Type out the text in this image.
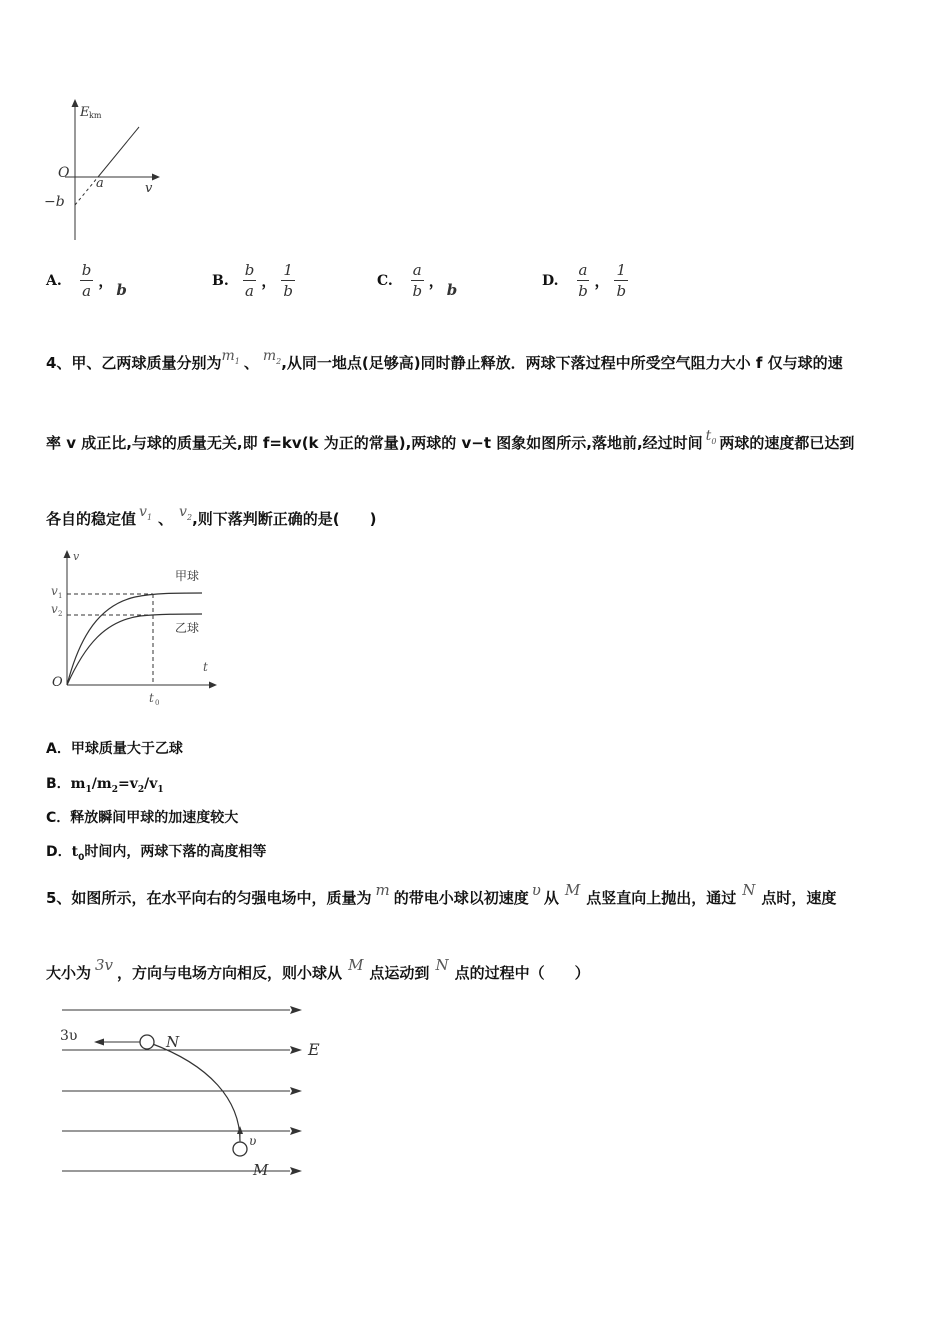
E km
O
a	v
−b
A. $\frac{b}{a}$ ， b	B. $\frac{b}{a}$ ， $\frac{1}{b}$	C. $\frac{a}{b}$ ， b	D. $\frac{a}{b}$ ， $\frac{1}{b}$
4、甲、乙两球质量分别为$m_1$ 、 $m_2$,从同一地点(足够高)同时静止释放．两球下落过程中所受空气阻力大小 f 仅与球的速
率 v 成正比,与球的质量无关,即 f=kv(k 为正的常量),两球的 v−t 图象如图所示,落地前,经过时间 $t_0$ 两球的速度都已达到
各自的稳定值 $v_1$ 、 $v_2$,则下落判断正确的是(　　)
v
v 1
v 2
甲球
乙球
t
O
t 0
A．甲球质量大于乙球
B．$m_1/m_2=v_2/v_1$
C．释放瞬间甲球的加速度较大
D．$t_0$时间内，两球下落的高度相等
5、如图所示，在水平向右的匀强电场中，质量为 m 的带电小球以初速度 υ 从 M 点竖直向上抛出，通过 N 点时，速度
大小为 3v ，方向与电场方向相反，则小球从 M 点运动到 N 点的过程中（　　）
3υ	N	E
υ
M
